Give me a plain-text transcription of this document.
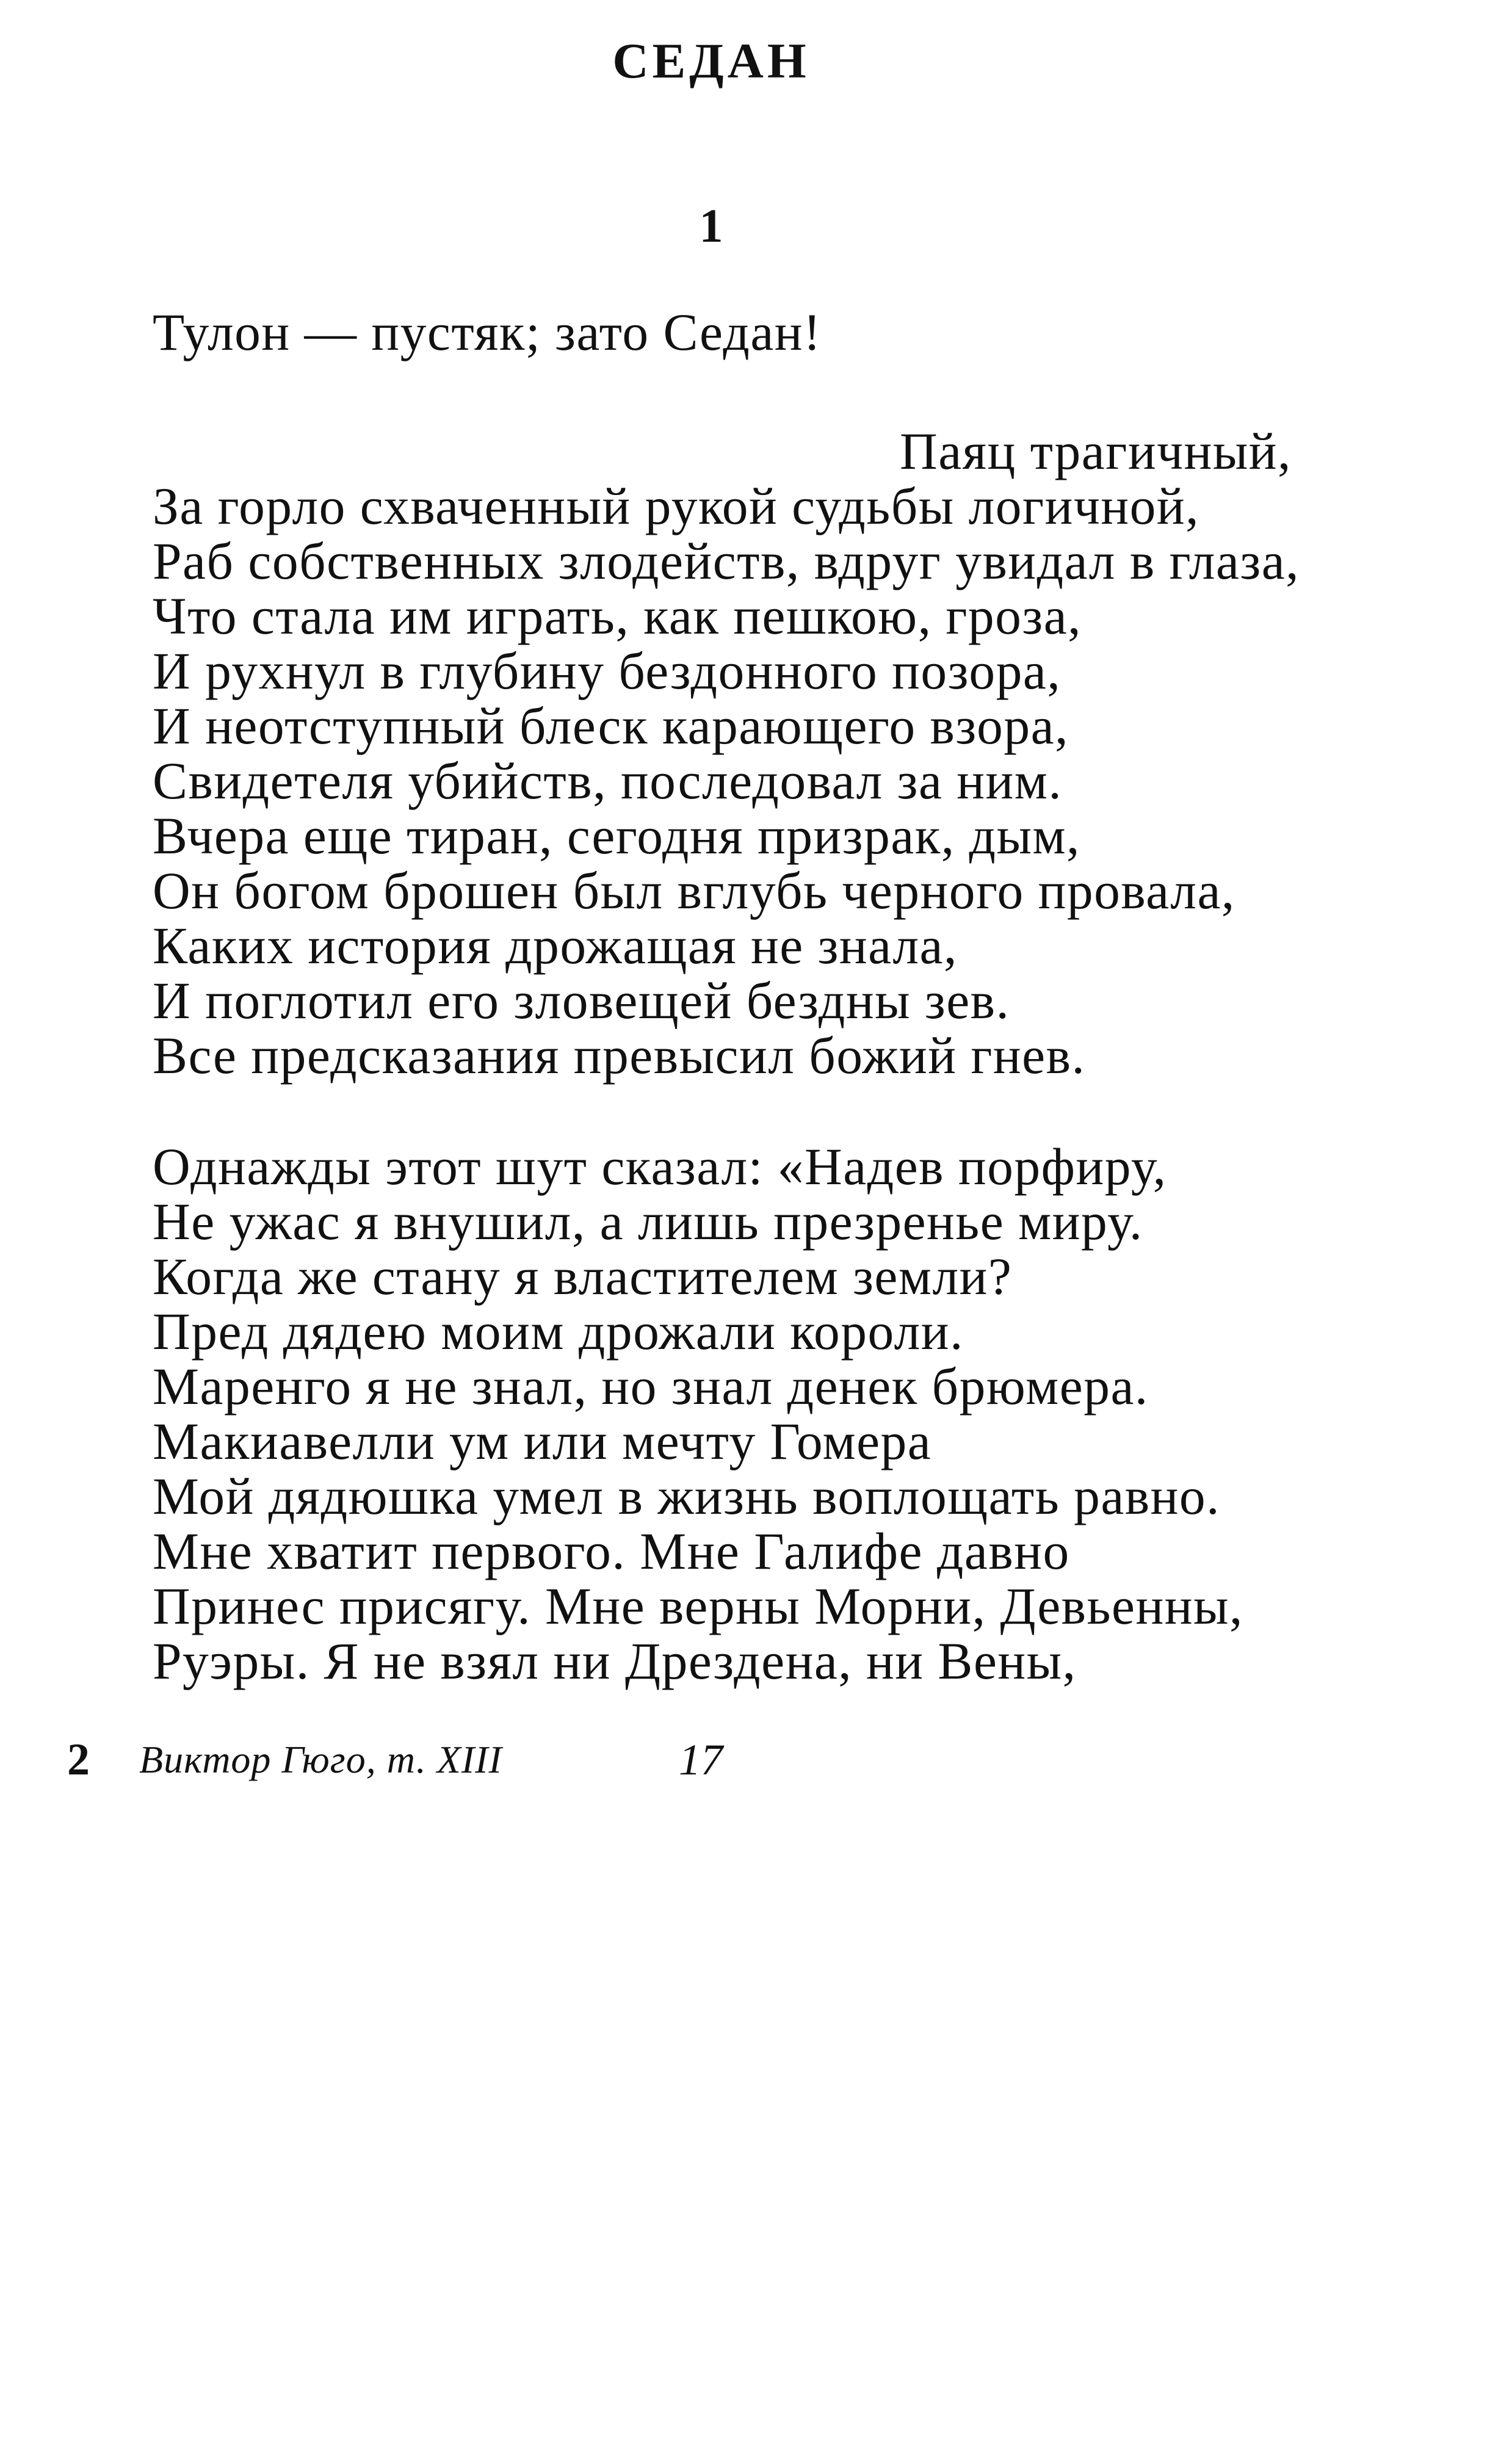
СЕДАН
1
Тулон — пустяк; зато Седан!
Паяц трагичный,
За горло схваченный рукой судьбы логичной,
Раб собственных злодейств, вдруг увидал в глаза,
Что стала им играть, как пешкою, гроза,
И рухнул в глубину бездонного позора,
И неотступный блеск карающего взора,
Свидетеля убийств, последовал за ним.
Вчера еще тиран, сегодня призрак, дым,
Он богом брошен был вглубь черного провала,
Каких история дрожащая не знала,
И поглотил его зловещей бездны зев.
Все предсказания превысил божий гнев.
Однажды этот шут сказал: «Надев порфиру,
Не ужас я внушил, а лишь презренье миру.
Когда же стану я властителем земли?
Пред дядею моим дрожали короли.
Маренго я не знал, но знал денек брюмера.
Макиавелли ум или мечту Гомера
Мой дядюшка умел в жизнь воплощать равно.
Мне хватит первого. Мне Галифе давно
Принес присягу. Мне верны Морни, Девьенны,
Руэры. Я не взял ни Дрездена, ни Вены,
2 Виктор Гюго, т. XIII	17
